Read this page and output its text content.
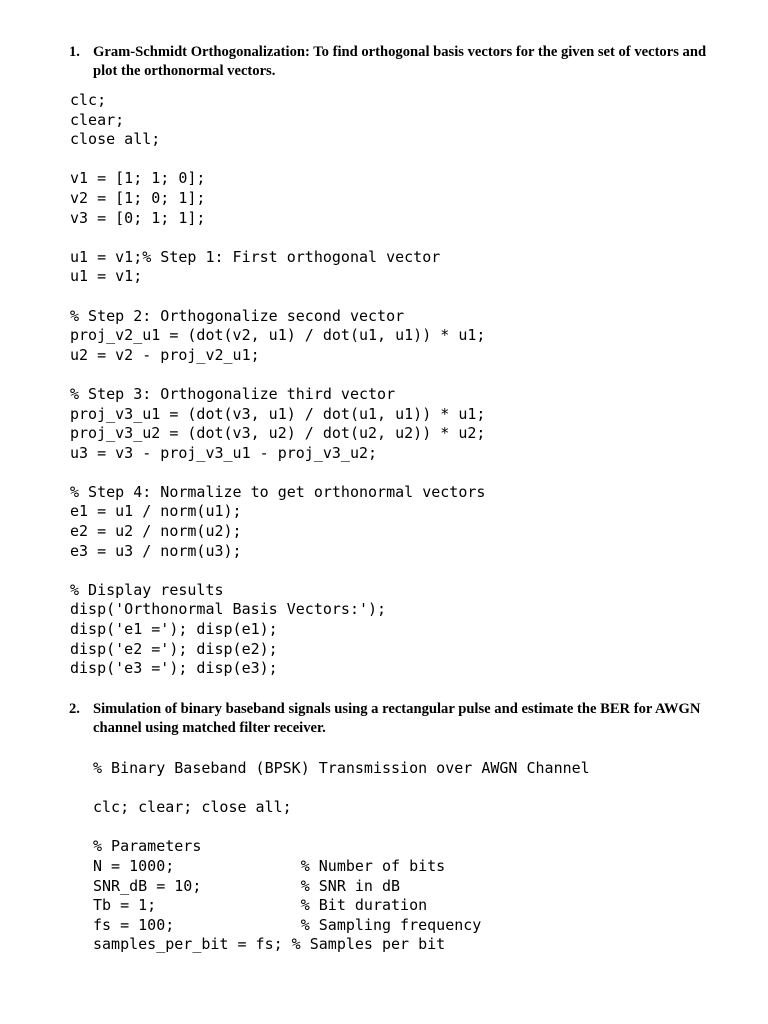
1. Gram-Schmidt Orthogonalization: To find orthogonal basis vectors for the given set of vectors and plot the orthonormal vectors.
clc;
clear;
close all;
v1 = [1; 1; 0];
v2 = [1; 0; 1];
v3 = [0; 1; 1];
u1 = v1;% Step 1: First orthogonal vector
u1 = v1;
% Step 2: Orthogonalize second vector
proj_v2_u1 = (dot(v2, u1) / dot(u1, u1)) * u1;
u2 = v2 - proj_v2_u1;
% Step 3: Orthogonalize third vector
proj_v3_u1 = (dot(v3, u1) / dot(u1, u1)) * u1;
proj_v3_u2 = (dot(v3, u2) / dot(u2, u2)) * u2;
u3 = v3 - proj_v3_u1 - proj_v3_u2;
% Step 4: Normalize to get orthonormal vectors
e1 = u1 / norm(u1);
e2 = u2 / norm(u2);
e3 = u3 / norm(u3);
% Display results
disp('Orthonormal Basis Vectors:');
disp('e1 ='); disp(e1);
disp('e2 ='); disp(e2);
disp('e3 ='); disp(e3);
2. Simulation of binary baseband signals using a rectangular pulse and estimate the BER for AWGN channel using matched filter receiver.
% Binary Baseband (BPSK) Transmission over AWGN Channel
clc; clear; close all;
% Parameters
N = 1000;              % Number of bits
SNR_dB = 10;           % SNR in dB
Tb = 1;                % Bit duration
fs = 100;              % Sampling frequency
samples_per_bit = fs; % Samples per bit
